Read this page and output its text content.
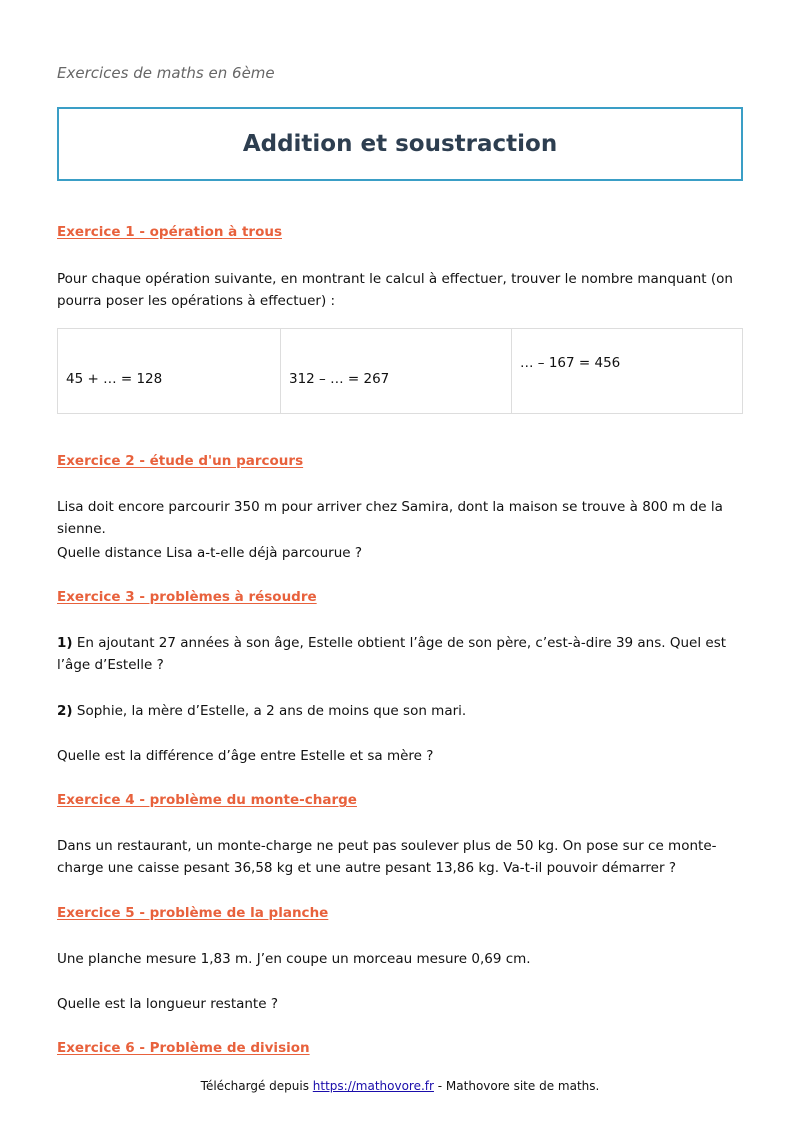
Exercices de maths en 6ème
Addition et soustraction
Exercice 1 - opération à trous
Pour chaque opération suivante, en montrant le calcul à effectuer, trouver le nombre manquant (on pourra poser les opérations à effectuer) :
45 + … = 128	312 – … = 267	… – 167 = 456
Exercice 2 - étude d'un parcours
Lisa doit encore parcourir 350 m pour arriver chez Samira, dont la maison se trouve à 800 m de la sienne.
Quelle distance Lisa a-t-elle déjà parcourue ?
Exercice 3 - problèmes à résoudre
1) En ajoutant 27 années à son âge, Estelle obtient l’âge de son père, c’est-à-dire 39 ans. Quel est l’âge d’Estelle ?
2) Sophie, la mère d’Estelle, a 2 ans de moins que son mari.
Quelle est la différence d’âge entre Estelle et sa mère ?
Exercice 4 - problème du monte-charge
Dans un restaurant, un monte-charge ne peut pas soulever plus de 50 kg. On pose sur ce monte-charge une caisse pesant 36,58 kg et une autre pesant 13,86 kg. Va-t-il pouvoir démarrer ?
Exercice 5 - problème de la planche
Une planche mesure 1,83 m. J’en coupe un morceau mesure 0,69 cm.
Quelle est la longueur restante ?
Exercice 6 - Problème de division
Téléchargé depuis https://mathovore.fr - Mathovore site de maths.
